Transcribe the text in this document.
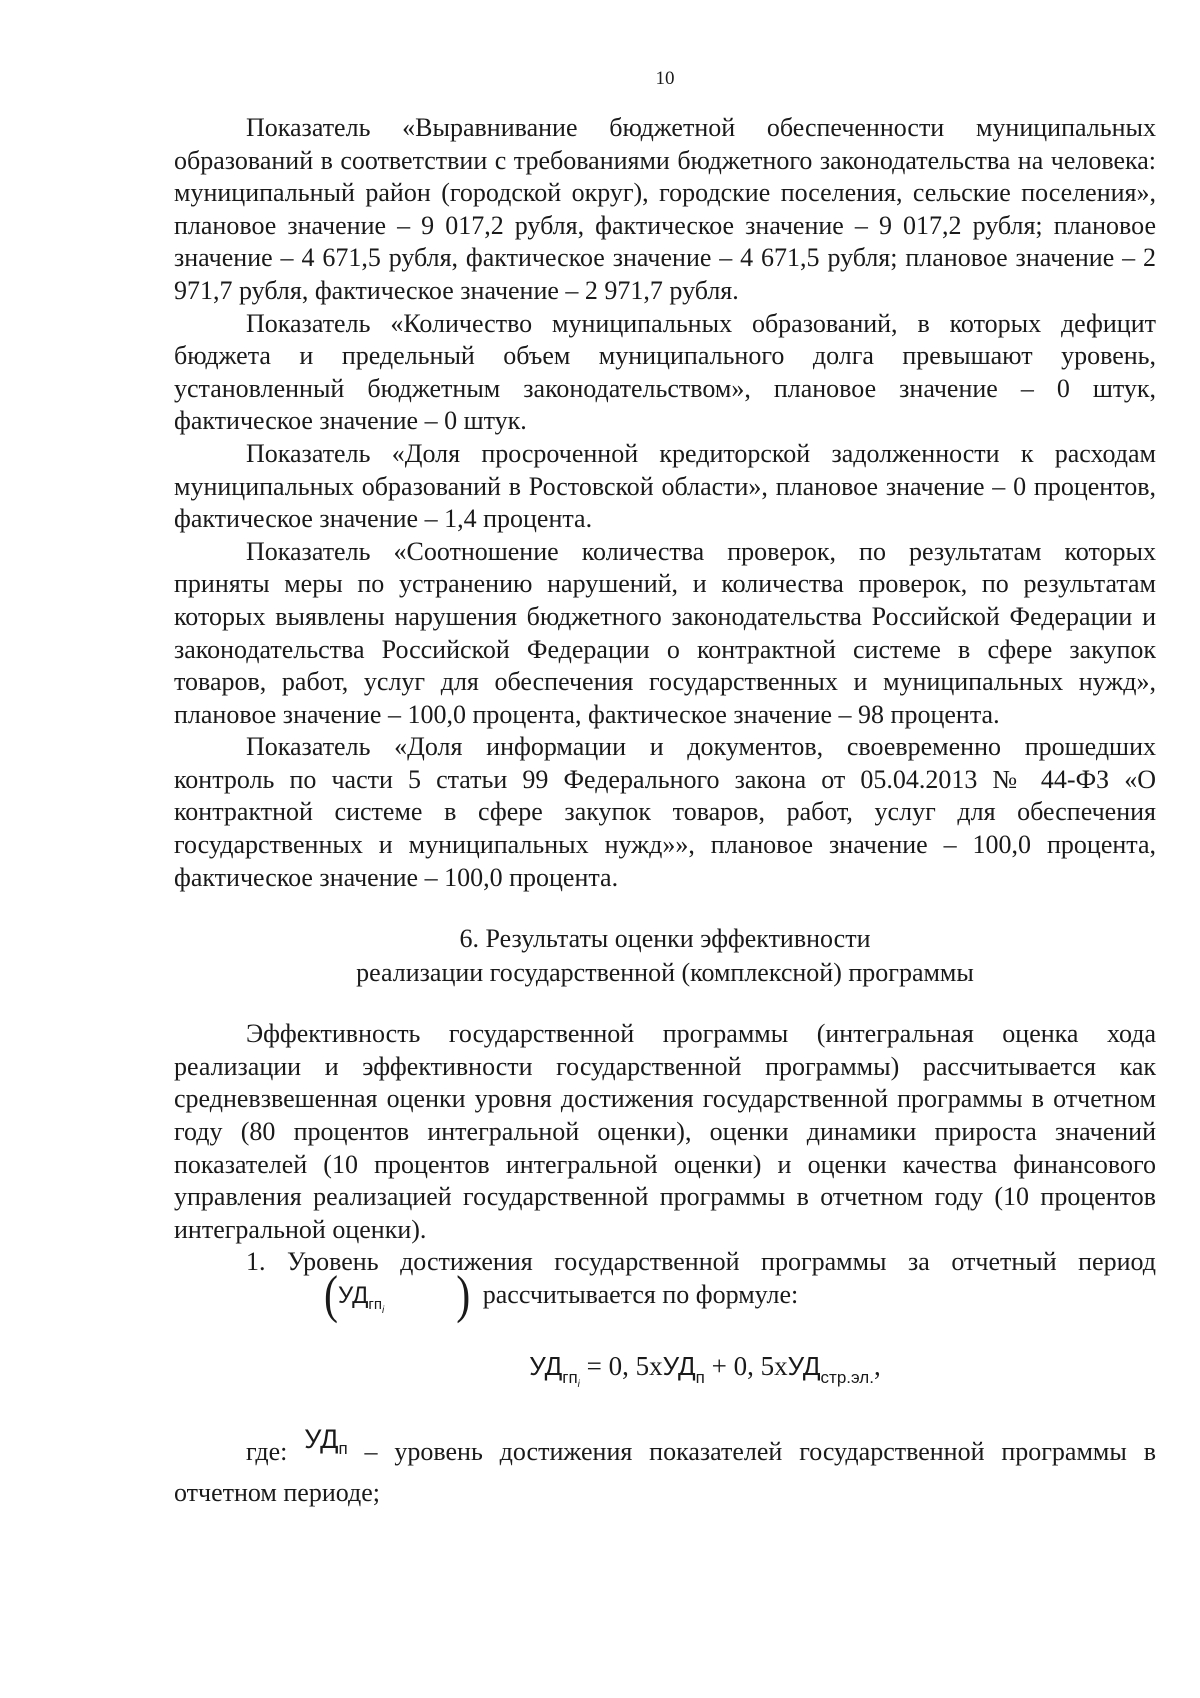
10

Показатель «Выравнивание бюджетной обеспеченности муниципальных образований в соответствии с требованиями бюджетного законодательства на человека: муниципальный район (городской округ), городские поселения, сельские поселения», плановое значение – 9 017,2 рубля, фактическое значение – 9 017,2 рубля; плановое значение – 4 671,5 рубля, фактическое значение – 4 671,5 рубля; плановое значение – 2 971,7 рубля, фактическое значение – 2 971,7 рубля.

Показатель «Количество муниципальных образований, в которых дефицит бюджета и предельный объем муниципального долга превышают уровень, установленный бюджетным законодательством», плановое значение – 0 штук, фактическое значение – 0 штук.

Показатель «Доля просроченной кредиторской задолженности к расходам муниципальных образований в Ростовской области», плановое значение – 0 процентов, фактическое значение – 1,4 процента.

Показатель «Соотношение количества проверок, по результатам которых приняты меры по устранению нарушений, и количества проверок, по результатам которых выявлены нарушения бюджетного законодательства Российской Федерации и законодательства Российской Федерации о контрактной системе в сфере закупок товаров, работ, услуг для обеспечения государственных и муниципальных нужд», плановое значение – 100,0 процента, фактическое значение – 98 процента.

Показатель «Доля информации и документов, своевременно прошедших контроль по части 5 статьи 99 Федерального закона от 05.04.2013 № 44-ФЗ «О контрактной системе в сфере закупок товаров, работ, услуг для обеспечения государственных и муниципальных нужд»», плановое значение – 100,0 процента, фактическое значение – 100,0 процента.

6. Результаты оценки эффективности
реализации государственной (комплексной) программы

Эффективность государственной программы (интегральная оценка хода реализации и эффективности государственной программы) рассчитывается как средневзвешенная оценки уровня достижения государственной программы в отчетном году (80 процентов интегральной оценки), оценки динамики прироста значений показателей (10 процентов интегральной оценки) и оценки качества финансового управления реализацией государственной программы в отчетном году (10 процентов интегральной оценки).

1. Уровень достижения государственной программы за отчетный период ($УД_{гп_i}$ ) рассчитывается по формуле:

$УД_{гп_i} = 0$, 5хУД$_п$ + 0, 5хУД$_{стр.эл.}$,

где: $УД_п$ – уровень достижения показателей государственной программы в отчетном периоде;
